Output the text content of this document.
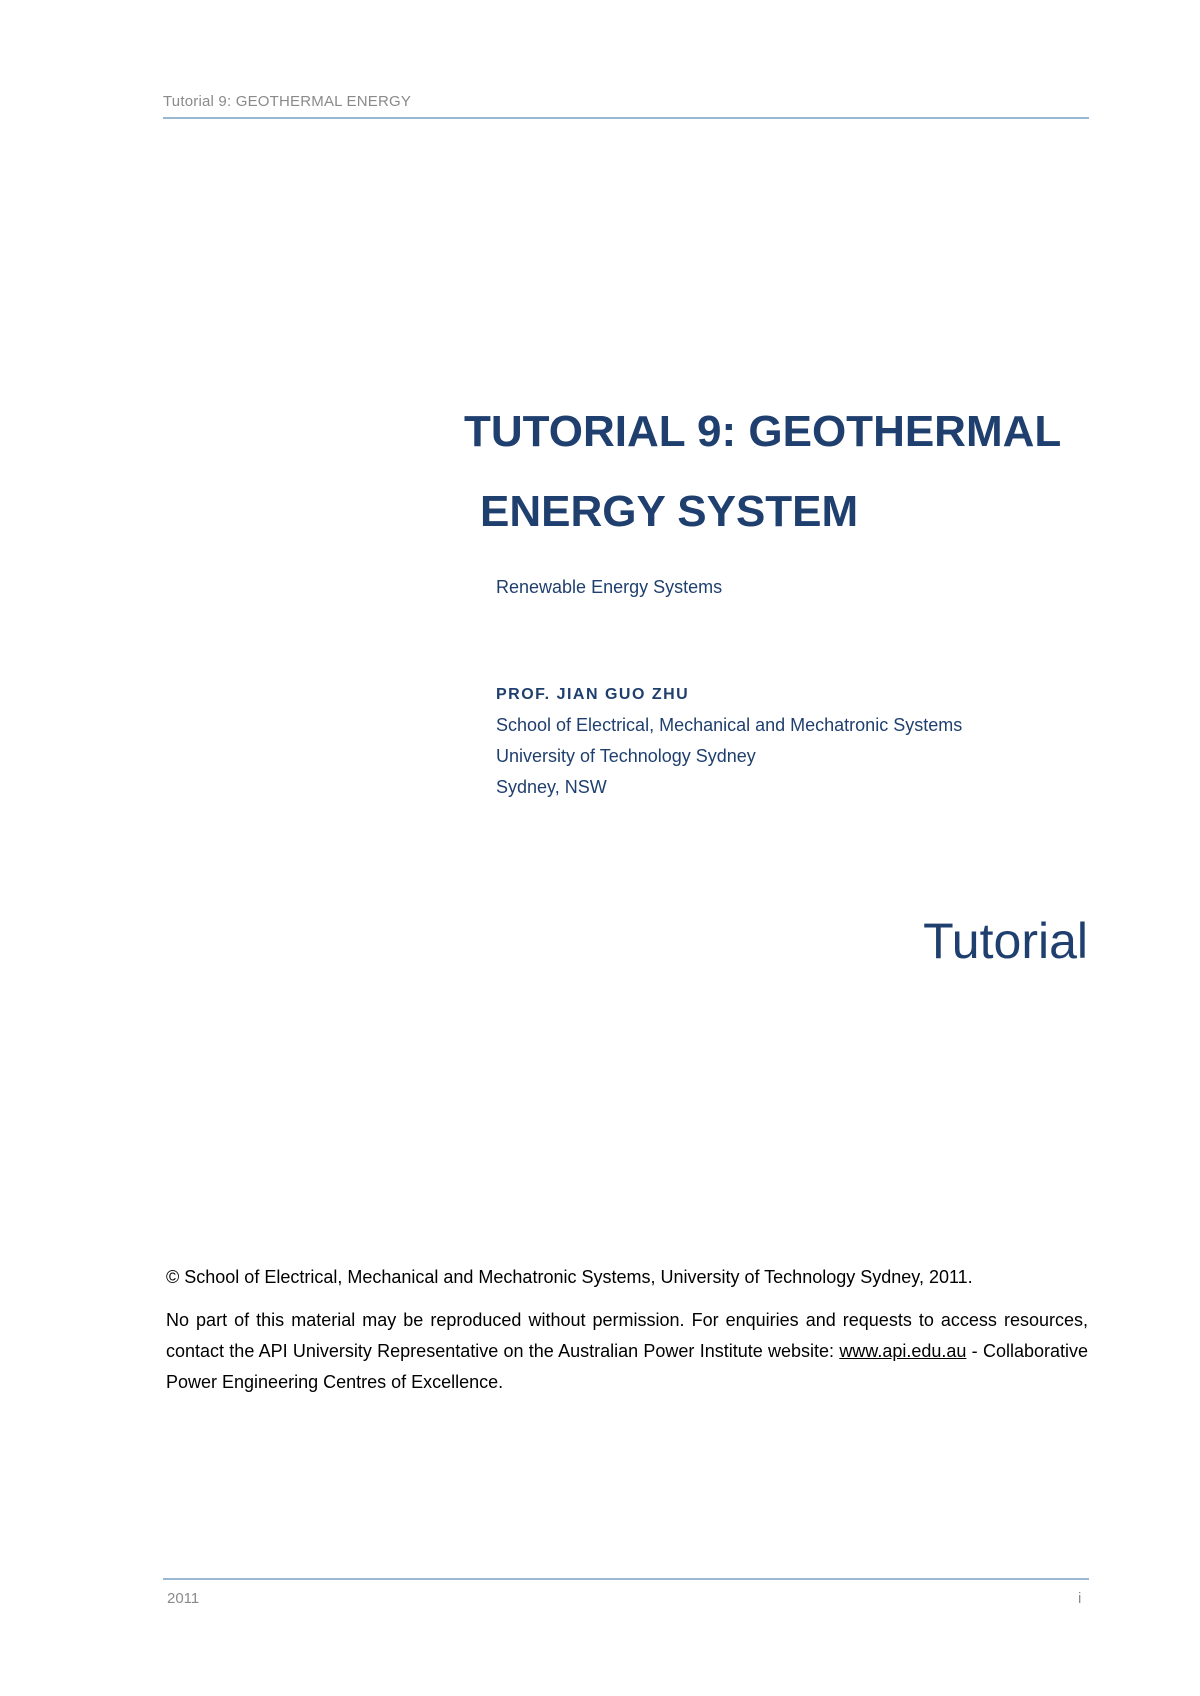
Tutorial 9: GEOTHERMAL ENERGY
TUTORIAL 9: GEOTHERMAL
ENERGY SYSTEM
Renewable Energy Systems
PROF. JIAN GUO ZHU
School of Electrical, Mechanical and Mechatronic Systems
University of Technology Sydney
Sydney, NSW
Tutorial

© School of Electrical, Mechanical and Mechatronic Systems, University of Technology Sydney, 2011.

No part of this material may be reproduced without permission. For enquiries and requests to access resources, contact the API University Representative on the Australian Power Institute website: www.api.edu.au - Collaborative Power Engineering Centres of Excellence.

2011	i
